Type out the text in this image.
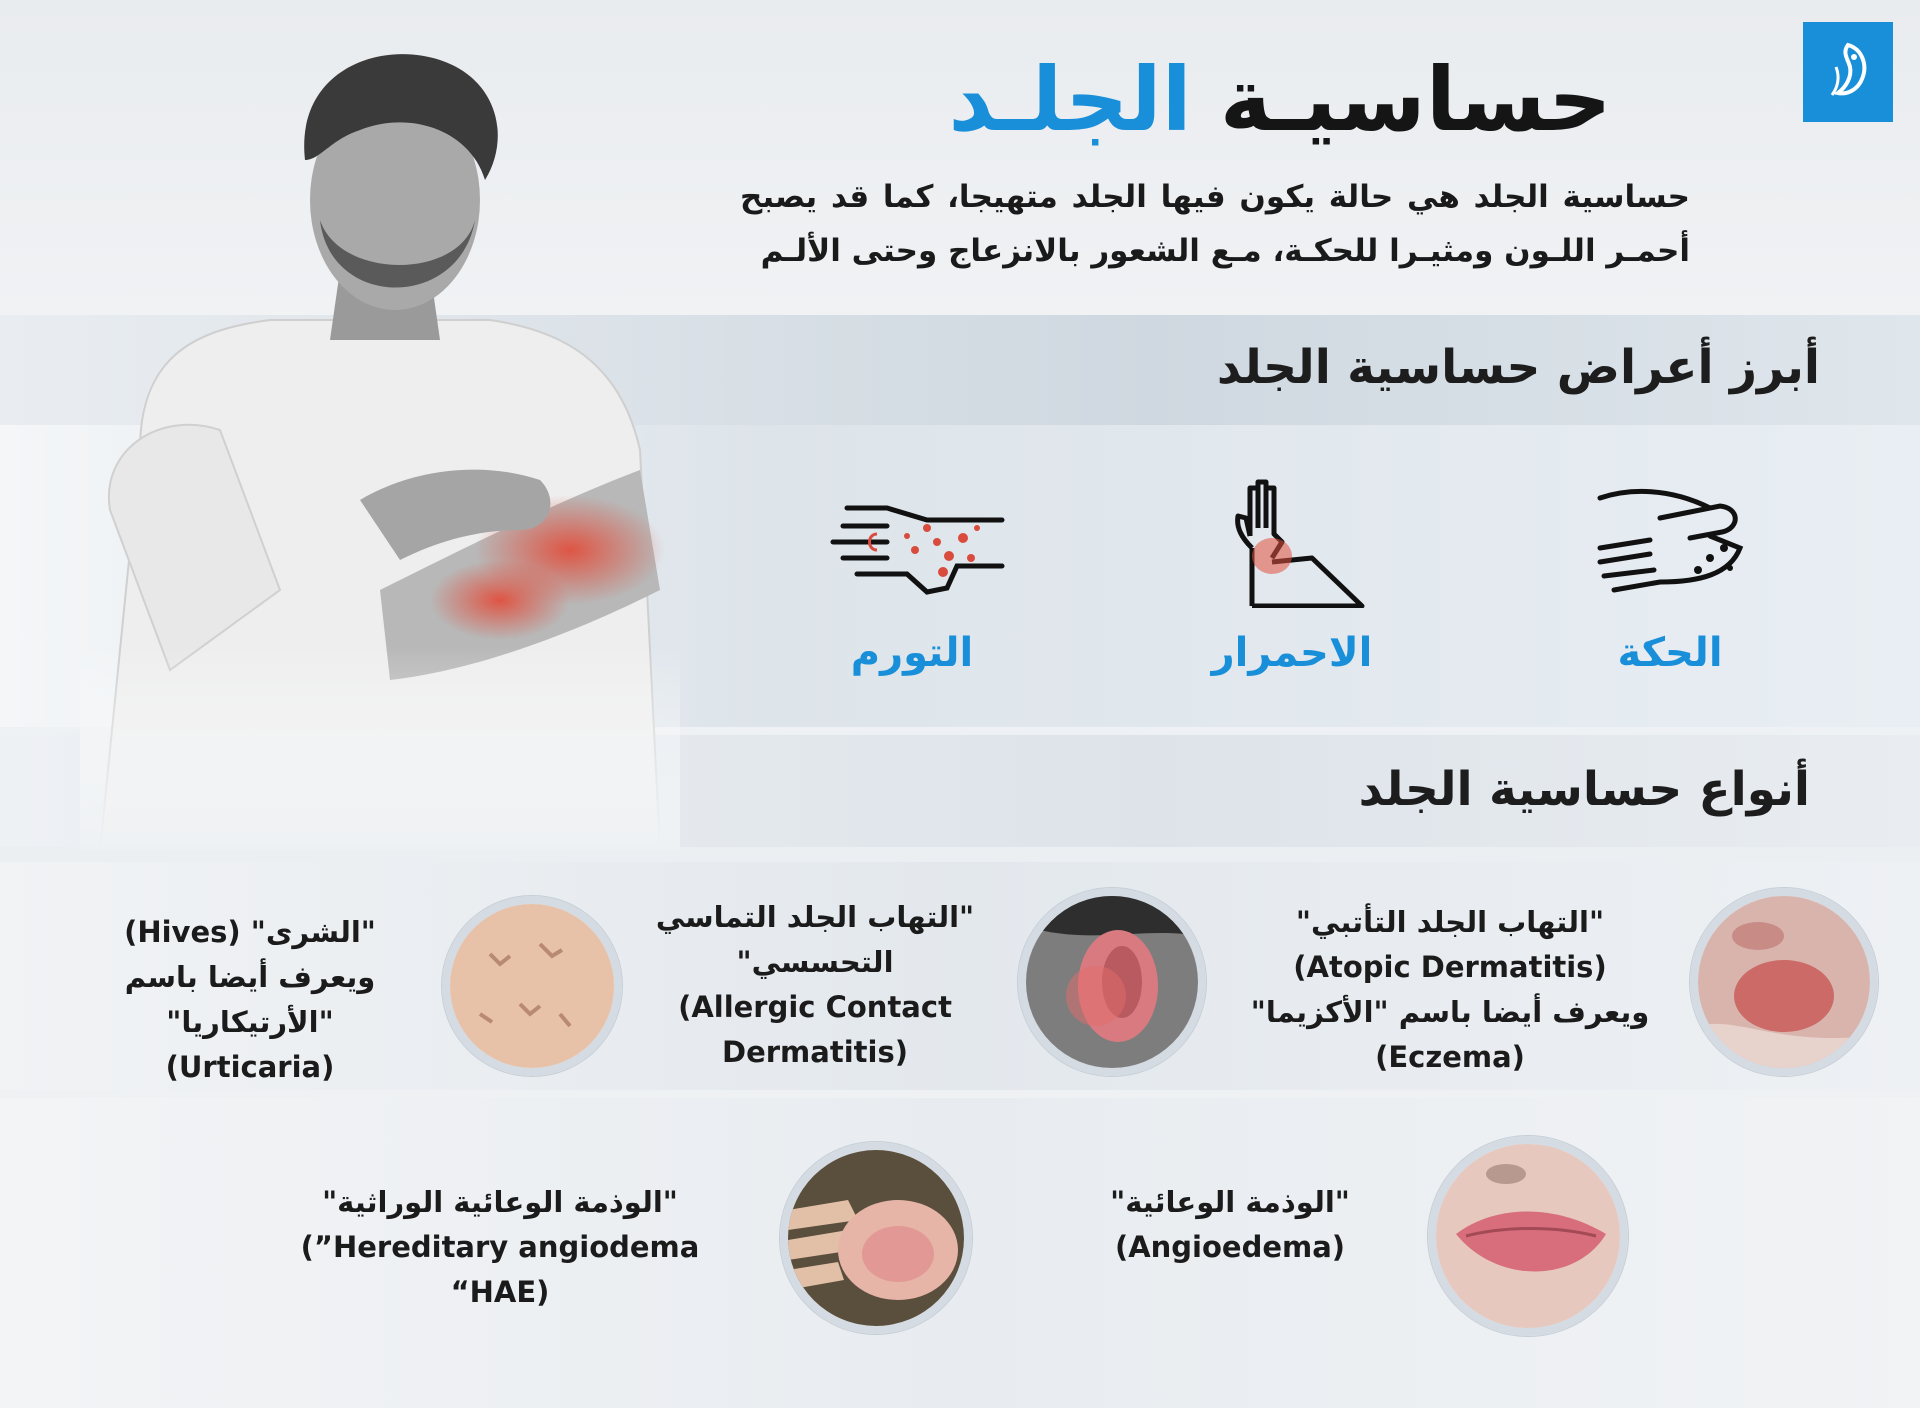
حساسيـة
الجلـد
حساسية الجلد هي حالة يكون فيها الجلد متهيجا، كما قد يصبح أحمـر اللـون ومثيـرا للحكـة، مـع الشعور بالانزعاج وحتى الألـم
أبرز أعراض حساسية الجلد
الحكة
الاحمرار
التورم
أنواع حساسية الجلد
"التهاب الجلد التأتبي"
(Atopic Dermatitis)
ويعرف أيضا باسم "الأكزيما"
(Eczema)
"التهاب الجلد التماسي
التحسسي"
(Allergic Contact
Dermatitis)
"الشرى" (Hives)
ويعرف أيضا باسم
"الأرتيكاريا" (Urticaria)
"الوذمة الوعائية"
(Angioedema)
"الوذمة الوعائية الوراثية"
(”Hereditary angiodema “HAE)
